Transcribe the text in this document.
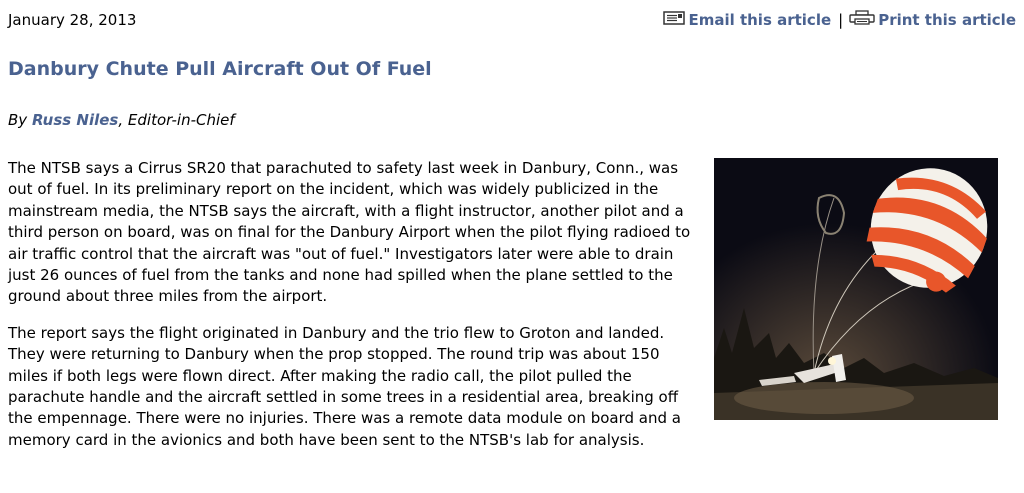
January 28, 2013	Email this article | Print this article
Danbury Chute Pull Aircraft Out Of Fuel
By Russ Niles, Editor-in-Chief

The NTSB says a Cirrus SR20 that parachuted to safety last week in Danbury, Conn., was out of fuel. In its preliminary report on the incident, which was widely publicized in the mainstream media, the NTSB says the aircraft, with a flight instructor, another pilot and a third person on board, was on final for the Danbury Airport when the pilot flying radioed to air traffic control that the aircraft was "out of fuel." Investigators later were able to drain just 26 ounces of fuel from the tanks and none had spilled when the plane settled to the ground about three miles from the airport.

The report says the flight originated in Danbury and the trio flew to Groton and landed. They were returning to Danbury when the prop stopped. The round trip was about 150 miles if both legs were flown direct. After making the radio call, the pilot pulled the parachute handle and the aircraft settled in some trees in a residential area, breaking off the empennage. There were no injuries. There was a remote data module on board and a memory card in the avionics and both have been sent to the NTSB's lab for analysis.
